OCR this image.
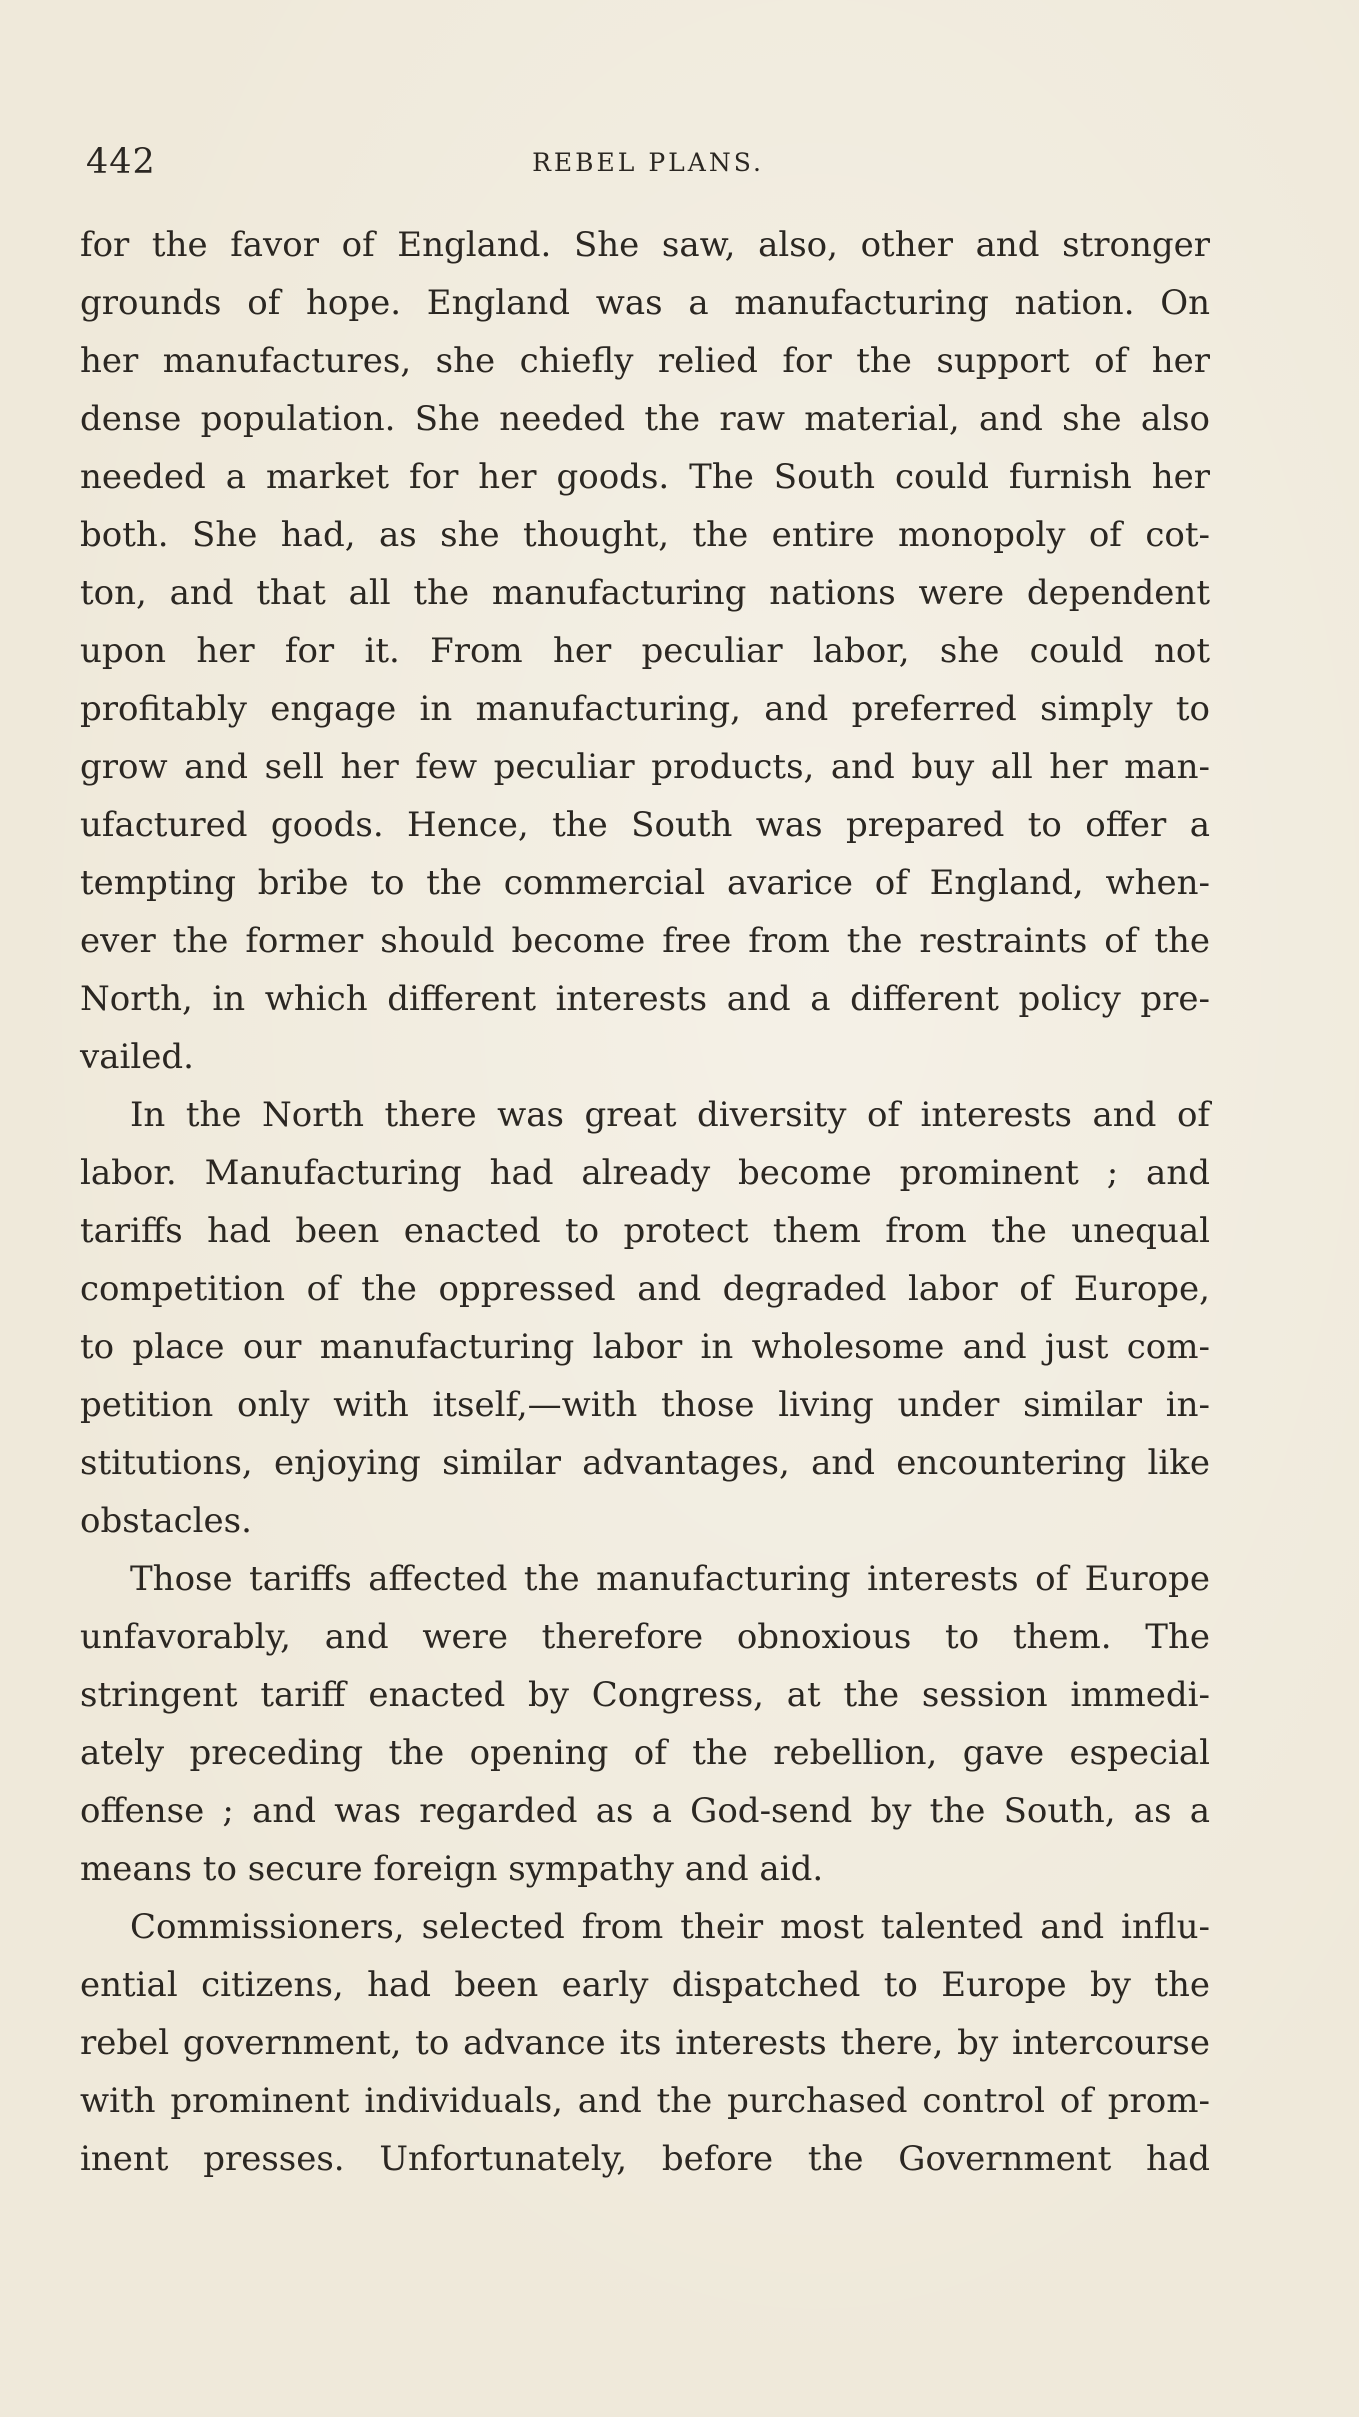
442	REBEL PLANS.
for the favor of England. She saw, also, other and stronger
grounds of hope. England was a manufacturing nation. On
her manufactures, she chiefly relied for the support of her
dense population. She needed the raw material, and she also
needed a market for her goods. The South could furnish her
both. She had, as she thought, the entire monopoly of cot-
ton, and that all the manufacturing nations were dependent
upon her for it. From her peculiar labor, she could not
profitably engage in manufacturing, and preferred simply to
grow and sell her few peculiar products, and buy all her man-
ufactured goods. Hence, the South was prepared to offer a
tempting bribe to the commercial avarice of England, when-
ever the former should become free from the restraints of the
North, in which different interests and a different policy pre-
vailed.
In the North there was great diversity of interests and of
labor. Manufacturing had already become prominent ; and
tariffs had been enacted to protect them from the unequal
competition of the oppressed and degraded labor of Europe,
to place our manufacturing labor in wholesome and just com-
petition only with itself,—with those living under similar in-
stitutions, enjoying similar advantages, and encountering like
obstacles.
Those tariffs affected the manufacturing interests of Europe
unfavorably, and were therefore obnoxious to them. The
stringent tariff enacted by Congress, at the session immedi-
ately preceding the opening of the rebellion, gave especial
offense ; and was regarded as a God-send by the South, as a
means to secure foreign sympathy and aid.
Commissioners, selected from their most talented and influ-
ential citizens, had been early dispatched to Europe by the
rebel government, to advance its interests there, by intercourse
with prominent individuals, and the purchased control of prom-
inent presses. Unfortunately, before the Government had
